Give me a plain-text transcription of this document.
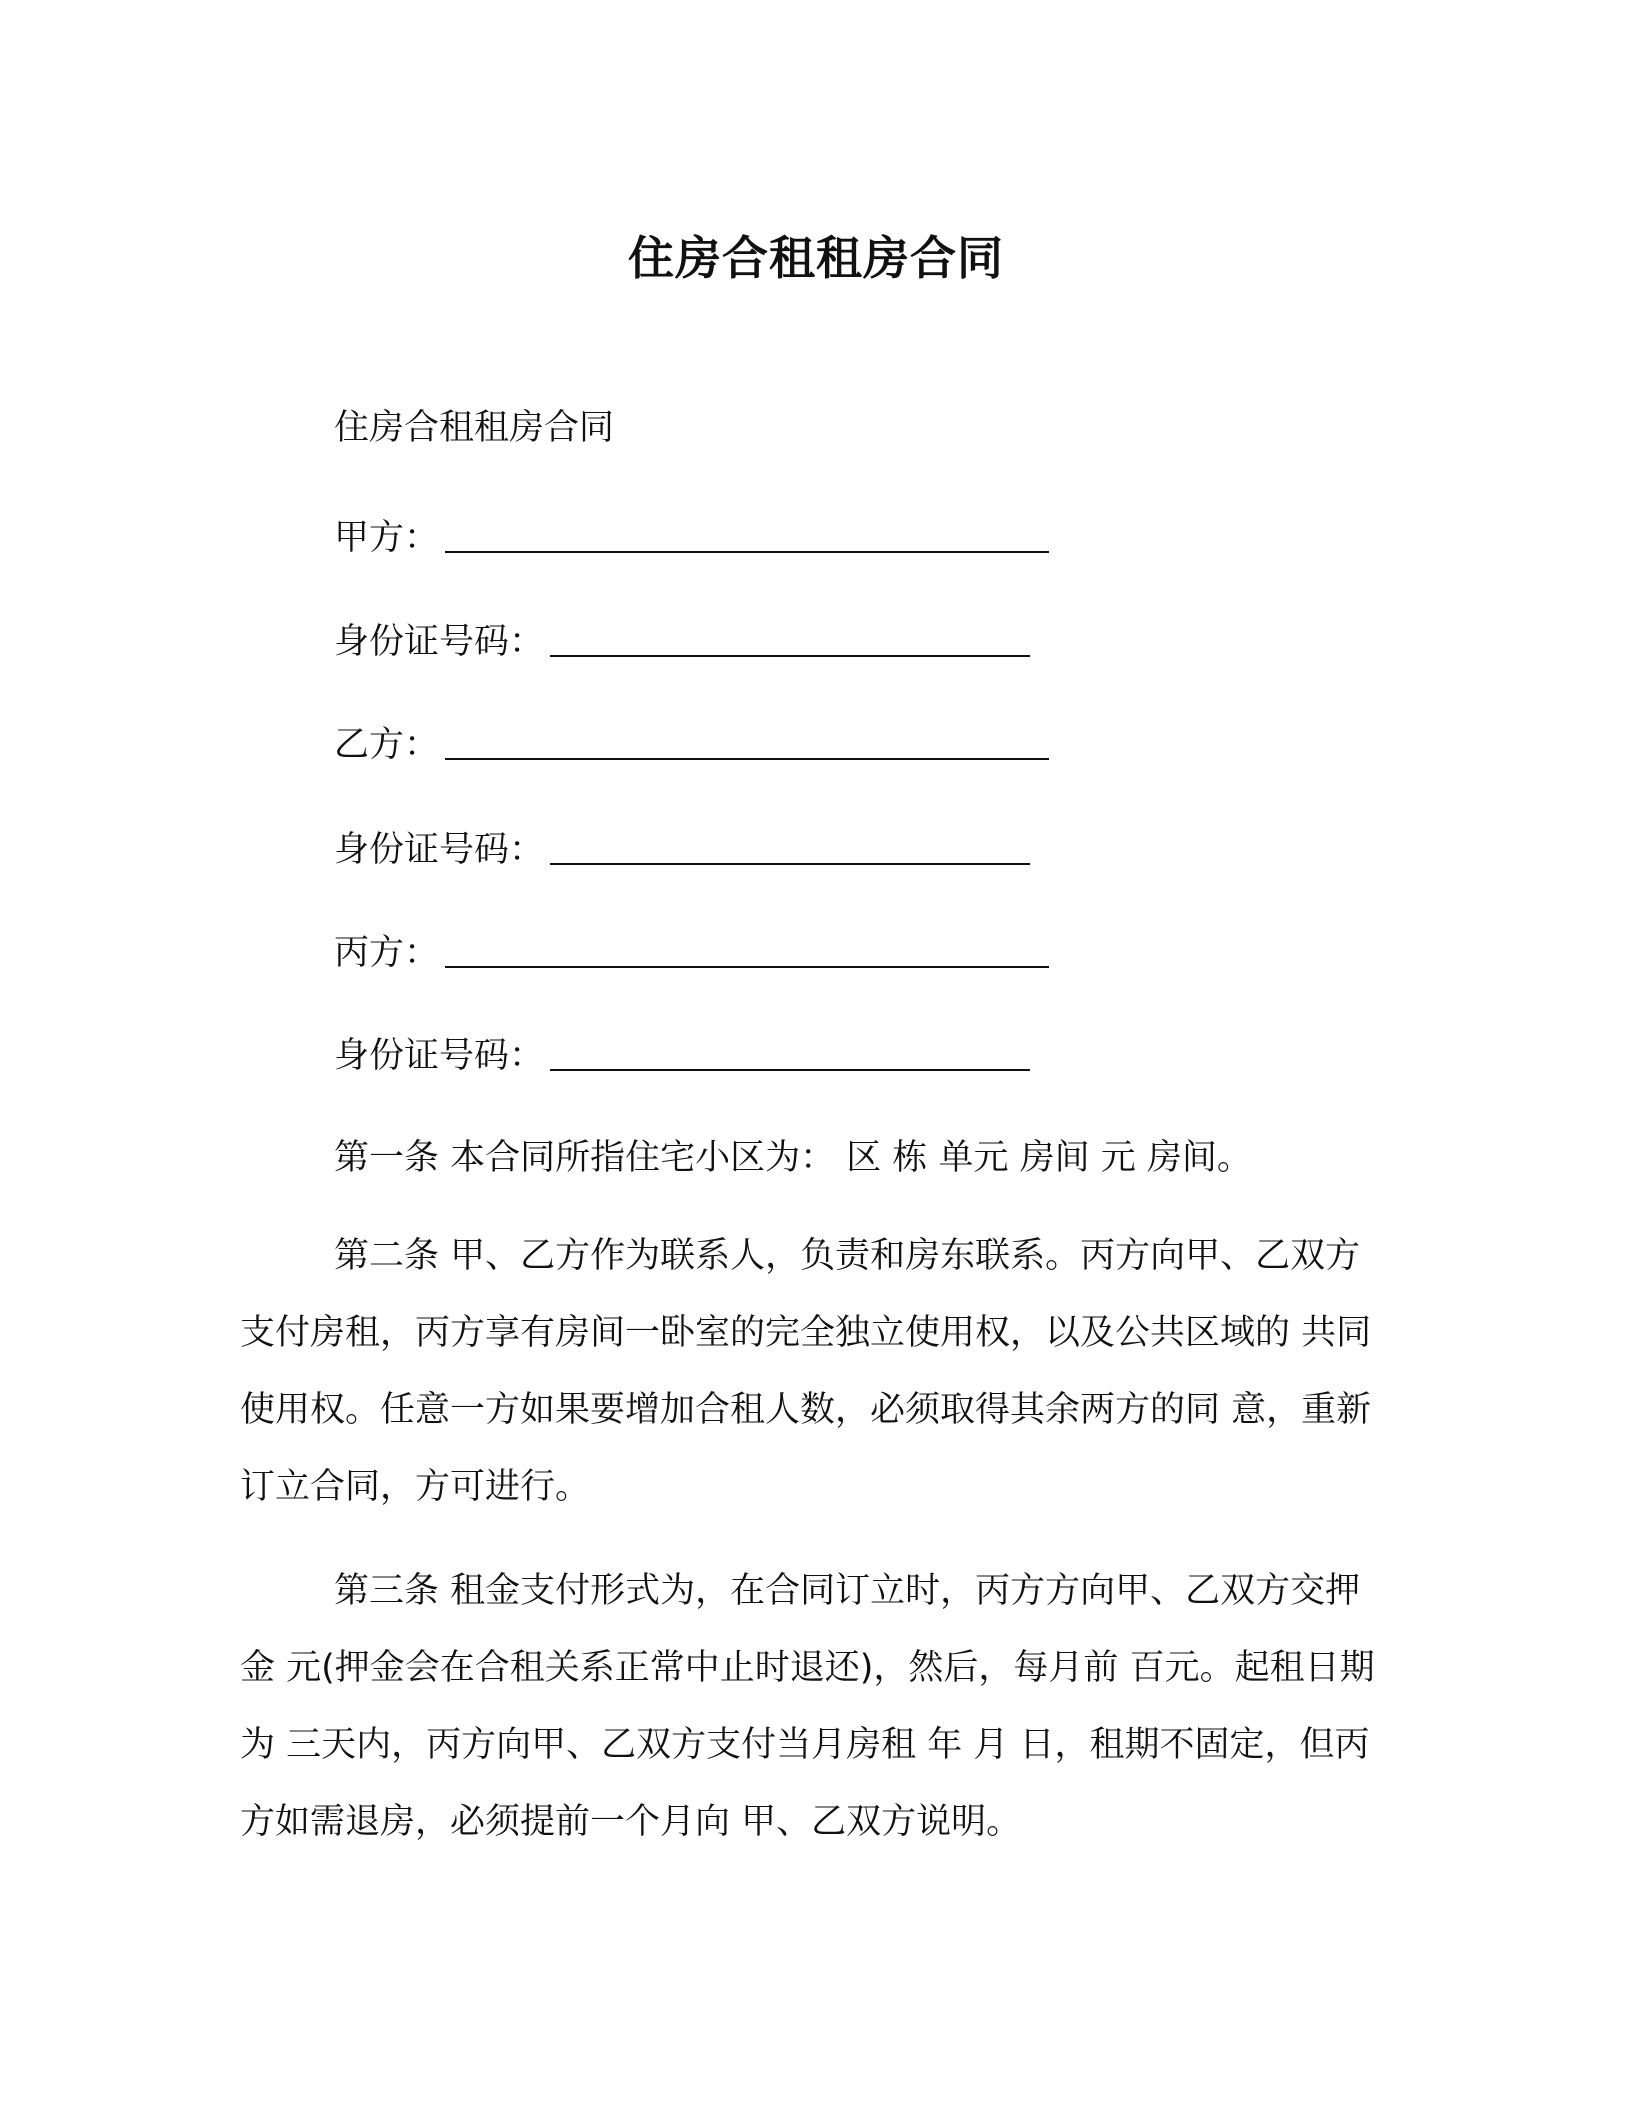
住房合租租房合同
住房合租租房合同
甲方：
身份证号码：
乙方：
身份证号码：
丙方：
身份证号码：
第一条 本合同所指住宅小区为： 区 栋 单元 房间 元 房间。

第二条 甲、乙方作为联系人，负责和房东联系。丙方向甲、乙双方 支付房租，丙方享有房间一卧室的完全独立使用权，以及公共区域的 共同使用权。任意一方如果要增加合租人数，必须取得其余两方的同 意，重新订立合同，方可进行。

第三条 租金支付形式为，在合同订立时，丙方方向甲、乙双方交押 金 元(押金会在合租关系正常中止时退还)，然后，每月前 百元。起租日期为 三天内，丙方向甲、乙双方支付当月房租 年 月 日，租期不固定，但丙方如需退房，必须提前一个月向 甲、乙双方说明。
